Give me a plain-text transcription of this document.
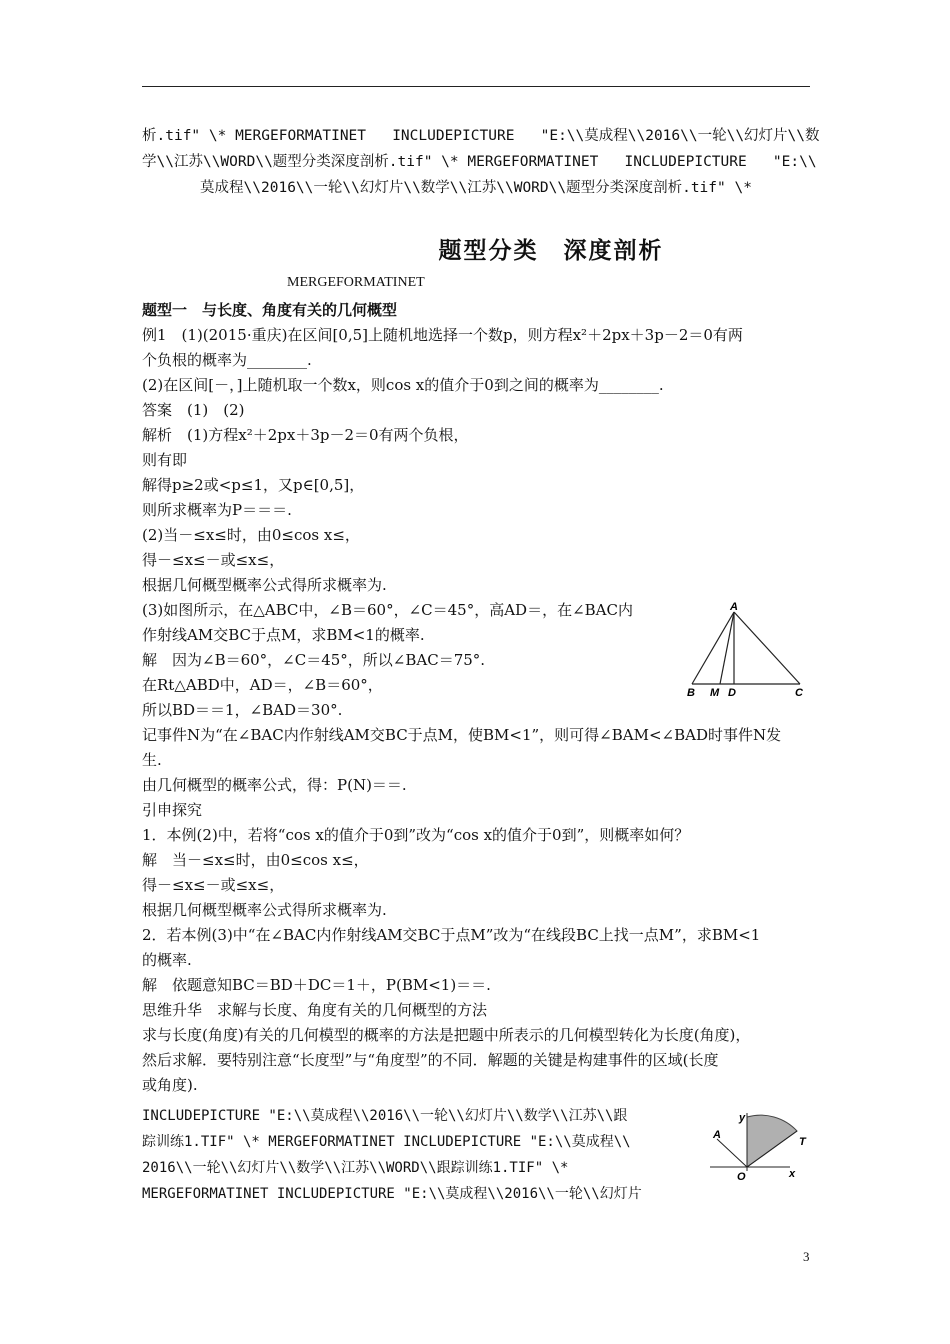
析.tif" \* MERGEFORMATINET   INCLUDEPICTURE   "E:\\莫成程\\2016\\一轮\\幻灯片\\数
学\\江苏\\WORD\\题型分类深度剖析.tif" \* MERGEFORMATINET   INCLUDEPICTURE   "E:\\
莫成程\\2016\\一轮\\幻灯片\\数学\\江苏\\WORD\\题型分类深度剖析.tif" \*
题型分类　深度剖析
MERGEFORMATINET
题型一　与长度、角度有关的几何概型
例1　(1)(2015·重庆)在区间[0,5]上随机地选择一个数p，则方程x²＋2px＋3p－2＝0有两
个负根的概率为________.
(2)在区间[－，]上随机取一个数x，则cos x的值介于0到之间的概率为________.
答案　(1)　(2)
解析　(1)方程x²＋2px＋3p－2＝0有两个负根，
则有即
解得p≥2或<p≤1，又p∈[0,5]，
则所求概率为P＝＝＝.
(2)当－≤x≤时，由0≤cos x≤，
得－≤x≤－或≤x≤，
根据几何概型概率公式得所求概率为.
(3)如图所示，在△ABC中，∠B＝60°，∠C＝45°，高AD＝，在∠BAC内
作射线AM交BC于点M，求BM<1的概率.
解　因为∠B＝60°，∠C＝45°，所以∠BAC＝75°.
在Rt△ABD中，AD＝，∠B＝60°，
所以BD＝＝1，∠BAD＝30°.
记事件N为“在∠BAC内作射线AM交BC于点M，使BM<1”，则可得∠BAM<∠BAD时事件N发
生.
由几何概型的概率公式，得：P(N)＝＝.
引申探究
1．本例(2)中，若将“cos x的值介于0到”改为“cos x的值介于0到”，则概率如何？
解　当－≤x≤时，由0≤cos x≤，
得－≤x≤－或≤x≤，
根据几何概型概率公式得所求概率为.
2．若本例(3)中“在∠BAC内作射线AM交BC于点M”改为“在线段BC上找一点M”，求BM<1
的概率.
解　依题意知BC＝BD＋DC＝1＋，P(BM<1)＝＝.
思维升华　求解与长度、角度有关的几何概型的方法
求与长度(角度)有关的几何模型的概率的方法是把题中所表示的几何模型转化为长度(角度)，
然后求解．要特别注意“长度型”与“角度型”的不同．解题的关键是构建事件的区域(长度
或角度).
INCLUDEPICTURE "E:\\莫成程\\2016\\一轮\\幻灯片\\数学\\江苏\\跟
踪训练1.TIF" \* MERGEFORMATINET INCLUDEPICTURE "E:\\莫成程\\
2016\\一轮\\幻灯片\\数学\\江苏\\WORD\\跟踪训练1.TIF" \*
MERGEFORMATINET INCLUDEPICTURE "E:\\莫成程\\2016\\一轮\\幻灯片
A
B M D	C
y
A
T
O	x
3
